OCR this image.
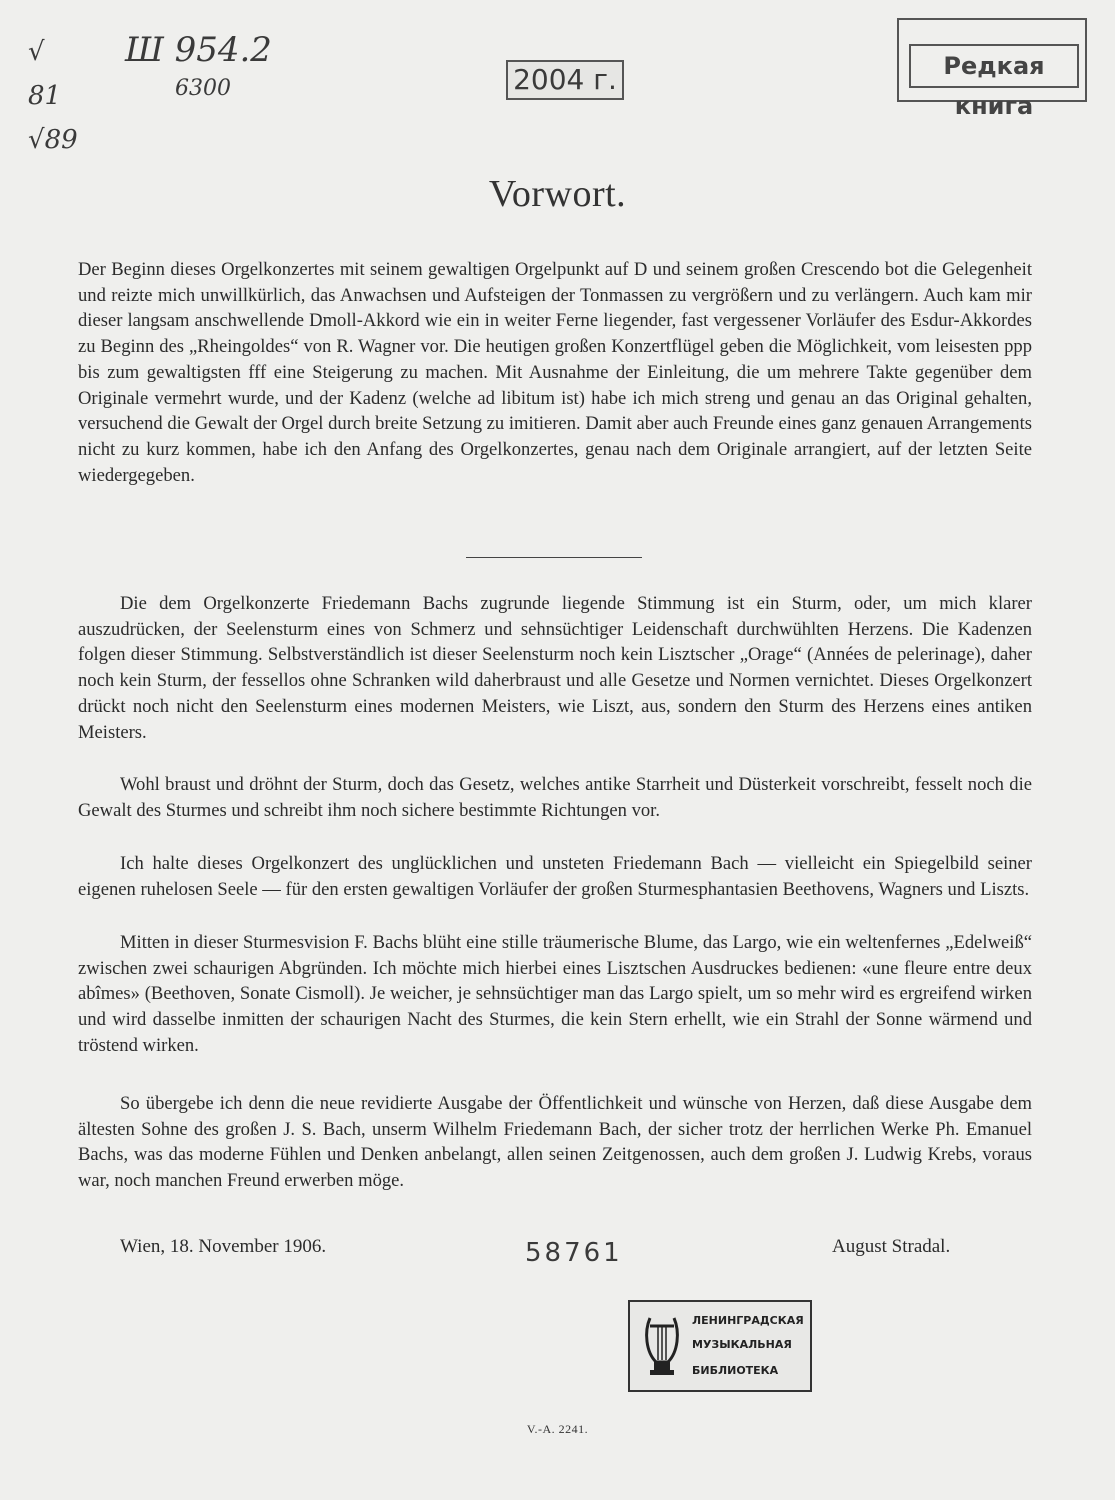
√
81
√89
Ш 954.2
6300	2004 г.	Редкая книга
Vorwort.

Der Beginn dieses Orgelkonzertes mit seinem gewaltigen Orgelpunkt auf D und seinem großen Crescendo bot die Gelegenheit und reizte mich unwillkürlich, das Anwachsen und Aufsteigen der Tonmassen zu vergrößern und zu verlängern. Auch kam mir dieser langsam anschwellende Dmoll-Akkord wie ein in weiter Ferne liegender, fast vergessener Vorläufer des Esdur-Akkordes zu Beginn des „Rheingoldes“ von R. Wagner vor. Die heutigen großen Konzertflügel geben die Möglichkeit, vom leisesten ppp bis zum gewaltigsten fff eine Steigerung zu machen. Mit Ausnahme der Einleitung, die um mehrere Takte gegenüber dem Originale vermehrt wurde, und der Kadenz (welche ad libitum ist) habe ich mich streng und genau an das Original gehalten, versuchend die Gewalt der Orgel durch breite Setzung zu imitieren. Damit aber auch Freunde eines ganz genauen Arrangements nicht zu kurz kommen, habe ich den Anfang des Orgelkonzertes, genau nach dem Originale arrangiert, auf der letzten Seite wiedergegeben.

Die dem Orgelkonzerte Friedemann Bachs zugrunde liegende Stimmung ist ein Sturm, oder, um mich klarer auszudrücken, der Seelensturm eines von Schmerz und sehnsüchtiger Leidenschaft durchwühlten Herzens. Die Kadenzen folgen dieser Stimmung. Selbstverständlich ist dieser Seelensturm noch kein Lisztscher „Orage“ (Années de pelerinage), daher noch kein Sturm, der fessellos ohne Schranken wild daherbraust und alle Gesetze und Normen vernichtet. Dieses Orgelkonzert drückt noch nicht den Seelensturm eines modernen Meisters, wie Liszt, aus, sondern den Sturm des Herzens eines antiken Meisters.

Wohl braust und dröhnt der Sturm, doch das Gesetz, welches antike Starrheit und Düsterkeit vorschreibt, fesselt noch die Gewalt des Sturmes und schreibt ihm noch sichere bestimmte Richtungen vor.

Ich halte dieses Orgelkonzert des unglücklichen und unsteten Friedemann Bach — vielleicht ein Spiegelbild seiner eigenen ruhelosen Seele — für den ersten gewaltigen Vorläufer der großen Sturmesphantasien Beethovens, Wagners und Liszts.

Mitten in dieser Sturmesvision F. Bachs blüht eine stille träumerische Blume, das Largo, wie ein weltenfernes „Edelweiß“ zwischen zwei schaurigen Abgründen. Ich möchte mich hierbei eines Lisztschen Ausdruckes bedienen: «une fleure entre deux abîmes» (Beethoven, Sonate Cismoll). Je weicher, je sehnsüchtiger man das Largo spielt, um so mehr wird es ergreifend wirken und wird dasselbe inmitten der schaurigen Nacht des Sturmes, die kein Stern erhellt, wie ein Strahl der Sonne wärmend und tröstend wirken.

So übergebe ich denn die neue revidierte Ausgabe der Öffentlichkeit und wünsche von Herzen, daß diese Ausgabe dem ältesten Sohne des großen J. S. Bach, unserm Wilhelm Friedemann Bach, der sicher trotz der herrlichen Werke Ph. Emanuel Bachs, was das moderne Fühlen und Denken anbelangt, allen seinen Zeitgenossen, auch dem großen J. Ludwig Krebs, voraus war, noch manchen Freund erwerben möge.

Wien, 18. November 1906.	58761	August Stradal.
ЛЕНИНГРАДСКАЯ
МУЗЫКАЛЬНАЯ
БИБЛИОТЕКА
V.-A. 2241.
